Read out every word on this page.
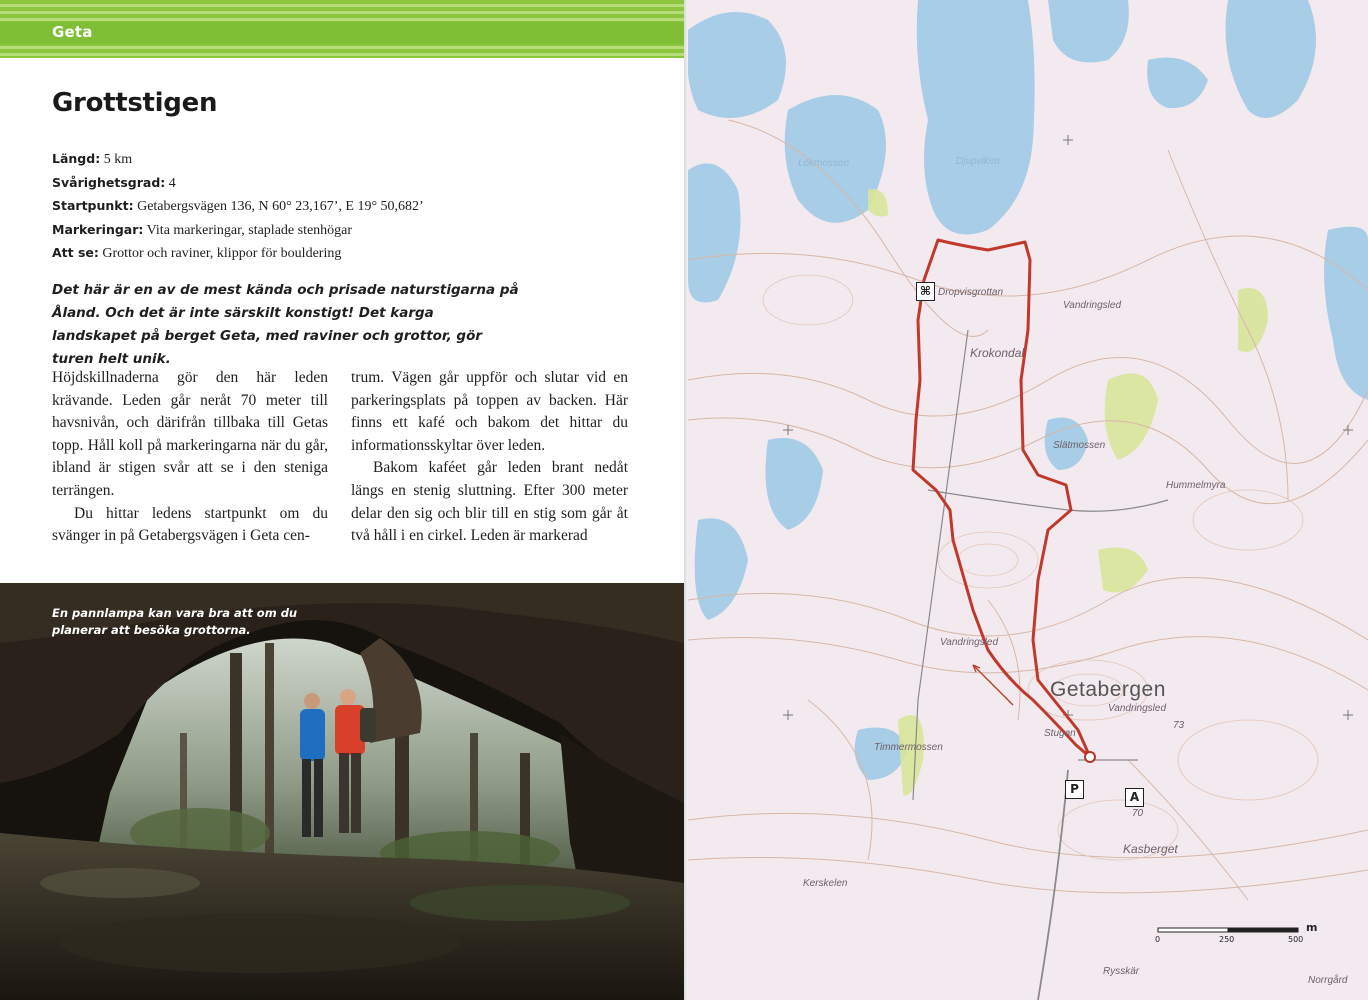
Geta
Grottstigen
Längd: 5 km
Svårighetsgrad: 4
Startpunkt: Getabergsvägen 136, N 60° 23,167’, E 19° 50,682’
Markeringar: Vita markeringar, staplade stenhögar
Att se: Grottor och raviner, klippor för bouldering
Det här är en av de mest kända och prisade naturstigarna på Åland. Och det är inte särskilt konstigt! Det karga landskapet på berget Geta, med raviner och grottor, gör turen helt unik.

Höjdskillnaderna gör den här leden krävande. Leden går neråt 70 meter till havsnivån, och därifrån tillbaka till Getas topp. Håll koll på markeringarna när du går, ibland är stigen svår att se i den steniga terrängen.

Du hittar ledens startpunkt om du svänger in på Getabergsvägen i Geta cen-

trum. Vägen går uppför och slutar vid en parkeringsplats på toppen av backen. Här finns ett kafé och bakom det hittar du informationsskyltar över leden.

Bakom kaféet går leden brant nedåt längs en stenig sluttning. Efter 300 meter delar den sig och blir till en stig som går åt två håll i en cirkel. Leden är markerad

En pannlampa kan vara bra att om du planerar att besöka grottorna.
Getabergen
Krokondal
Slätmossen
Hummelmyra
Timmermossen
Kasberget
Kerskelen
Rysskär
Norrgård
Dropvisgrottan
Vandringsled
Vandringsled
Vandringsled
Stugan
Djupviken
Lökmossen
70
73
⌘
P
A
0	250	500
m
